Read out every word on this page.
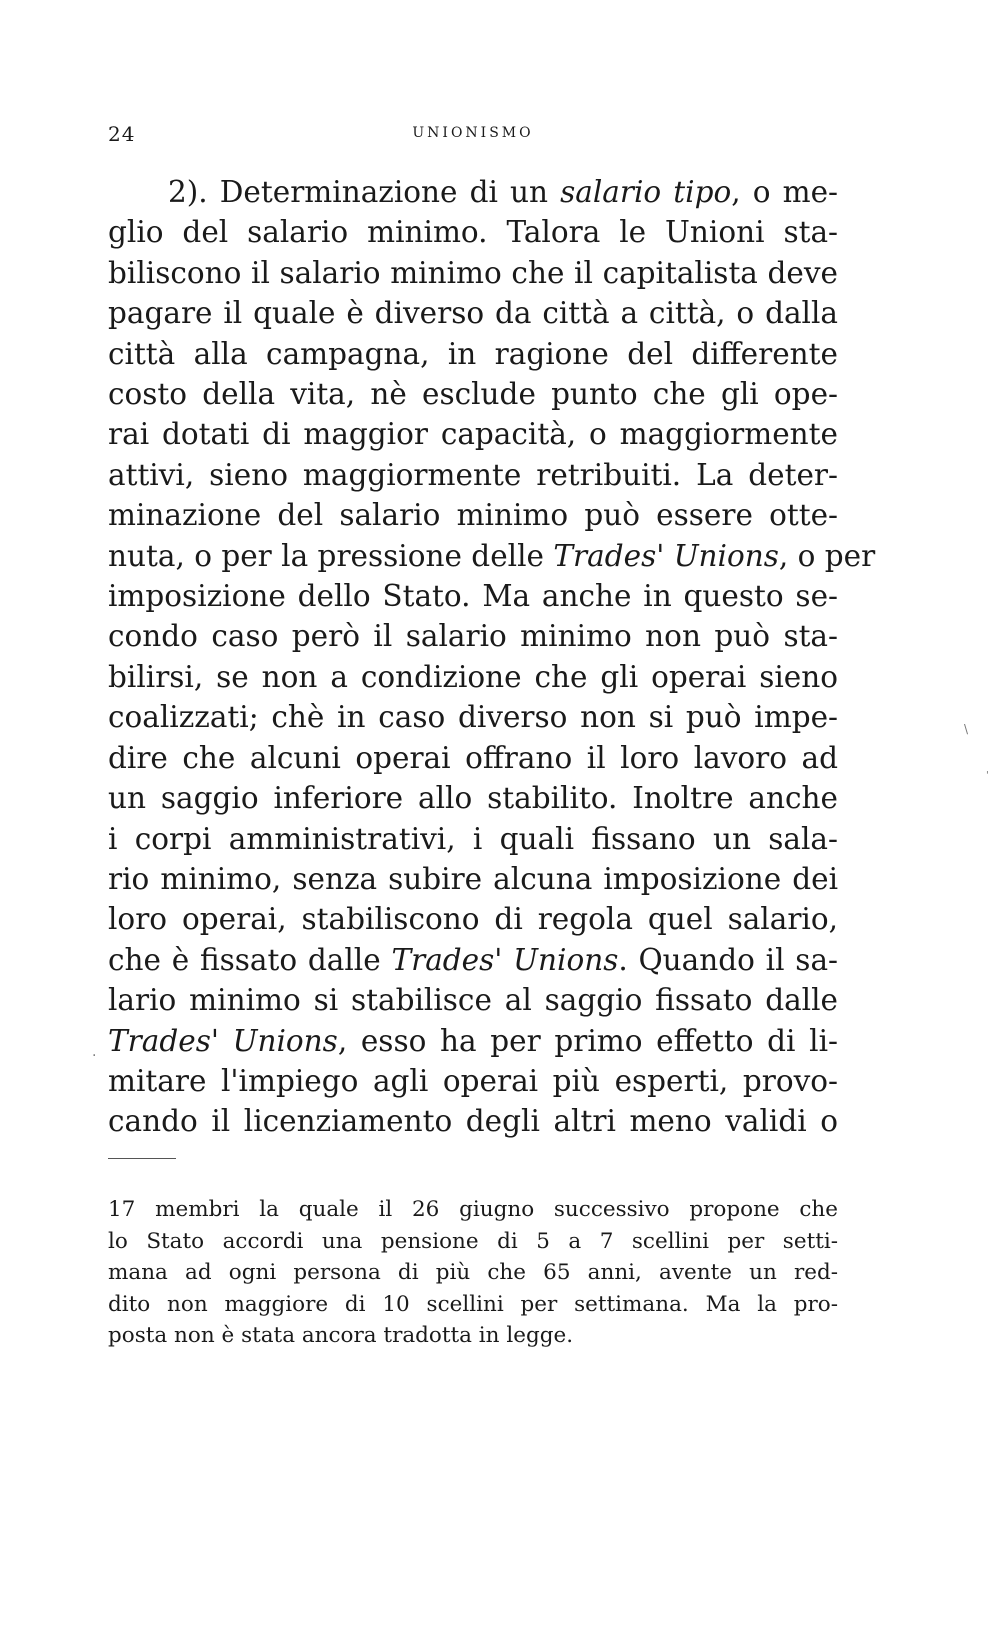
24	UNIONISMO
2). Determinazione di un salario tipo, o me-
glio del salario minimo. Talora le Unioni sta-
biliscono il salario minimo che il capitalista deve
pagare il quale è diverso da città a città, o dalla
città alla campagna, in ragione del differente
costo della vita, nè esclude punto che gli ope-
rai dotati di maggior capacità, o maggiormente
attivi, sieno maggiormente retribuiti. La deter-
minazione del salario minimo può essere otte-
nuta, o per la pressione delle Trades' Unions, o per
imposizione dello Stato. Ma anche in questo se-
condo caso però il salario minimo non può sta-
bilirsi, se non a condizione che gli operai sieno
coalizzati; chè in caso diverso non si può impe-
dire che alcuni operai offrano il loro lavoro ad
un saggio inferiore allo stabilito. Inoltre anche
i corpi amministrativi, i quali fissano un sala-
rio minimo, senza subire alcuna imposizione dei
loro operai, stabiliscono di regola quel salario,
che è fissato dalle Trades' Unions. Quando il sa-
lario minimo si stabilisce al saggio fissato dalle
Trades' Unions, esso ha per primo effetto di li-
mitare l'impiego agli operai più esperti, provo-
cando il licenziamento degli altri meno validi o
17 membri la quale il 26 giugno successivo propone che
lo Stato accordi una pensione di 5 a 7 scellini per setti-
mana ad ogni persona di più che 65 anni, avente un red-
dito non maggiore di 10 scellini per settimana. Ma la pro-
posta non è stata ancora tradotta in legge.
\
'
.
